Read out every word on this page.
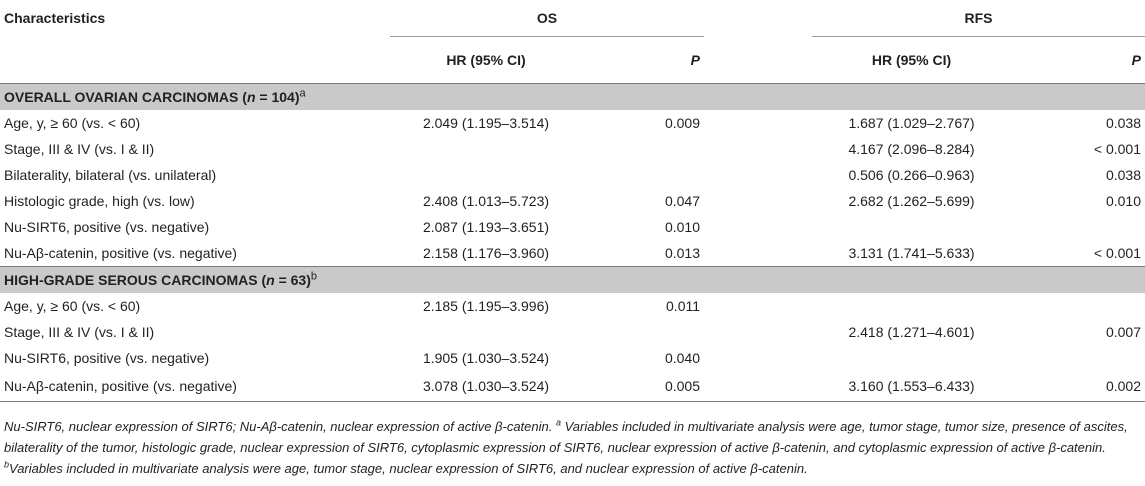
Characteristics	OS			RFS	
	HR (95% CI)	P		HR (95% CI)	P
OVERALL OVARIAN CARCINOMAS (n = 104)$^a$
Age, y, ≥ 60 (vs. < 60)	2.049 (1.195–3.514)	0.009		1.687 (1.029–2.767)	0.038
Stage, III & IV (vs. I & II)				4.167 (2.096–8.284)	< 0.001
Bilaterality, bilateral (vs. unilateral)				0.506 (0.266–0.963)	0.038
Histologic grade, high (vs. low)	2.408 (1.013–5.723)	0.047		2.682 (1.262–5.699)	0.010
Nu-SIRT6, positive (vs. negative)	2.087 (1.193–3.651)	0.010			
Nu-Aβ-catenin, positive (vs. negative)	2.158 (1.176–3.960)	0.013		3.131 (1.741–5.633)	< 0.001
HIGH-GRADE SEROUS CARCINOMAS (n = 63)$^b$
Age, y, ≥ 60 (vs. < 60)	2.185 (1.195–3.996)	0.011			
Stage, III & IV (vs. I & II)				2.418 (1.271–4.601)	0.007
Nu-SIRT6, positive (vs. negative)	1.905 (1.030–3.524)	0.040			
Nu-Aβ-catenin, positive (vs. negative)	3.078 (1.030–3.524)	0.005		3.160 (1.553–6.433)	0.002
Nu-SIRT6, nuclear expression of SIRT6; Nu-Aβ-catenin, nuclear expression of active β-catenin. $^a$ Variables included in multivariate analysis were age, tumor stage, tumor size, presence of ascites, bilaterality of the tumor, histologic grade, nuclear expression of SIRT6, cytoplasmic expression of SIRT6, nuclear expression of active β-catenin, and cytoplasmic expression of active β-catenin. $^b$Variables included in multivariate analysis were age, tumor stage, nuclear expression of SIRT6, and nuclear expression of active β-catenin.
